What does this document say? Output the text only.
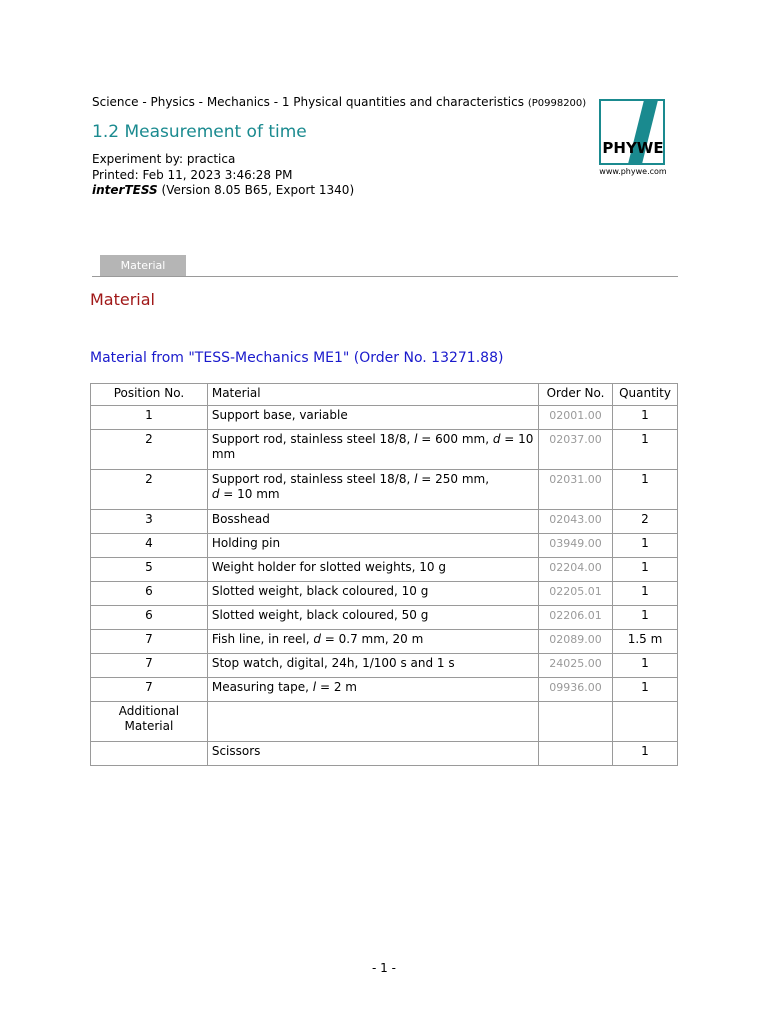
Science - Physics - Mechanics - 1 Physical quantities and characteristics (P0998200)
1.2 Measurement of time
Experiment by: practica
Printed: Feb 11, 2023 3:46:28 PM
interTESS (Version 8.05 B65, Export 1340)
PHYWE
www.phywe.com
Material
Material
Material from "TESS-Mechanics ME1" (Order No. 13271.88)
Position No.	Material	Order No.	Quantity
1	Support base, variable	02001.00	1
2	Support rod, stainless steel 18/8, l = 600 mm, d = 10 mm	02037.00	1
2	Support rod, stainless steel 18/8, l = 250 mm,
d = 10 mm	02031.00	1
3	Bosshead	02043.00	2
4	Holding pin	03949.00	1
5	Weight holder for slotted weights, 10 g	02204.00	1
6	Slotted weight, black coloured, 10 g	02205.01	1
6	Slotted weight, black coloured, 50 g	02206.01	1
7	Fish line, in reel, d = 0.7 mm, 20 m	02089.00	1.5 m
7	Stop watch, digital, 24h, 1/100 s and 1 s	24025.00	1
7	Measuring tape, l = 2 m	09936.00	1
Additional Material			
	Scissors		1
- 1 -
